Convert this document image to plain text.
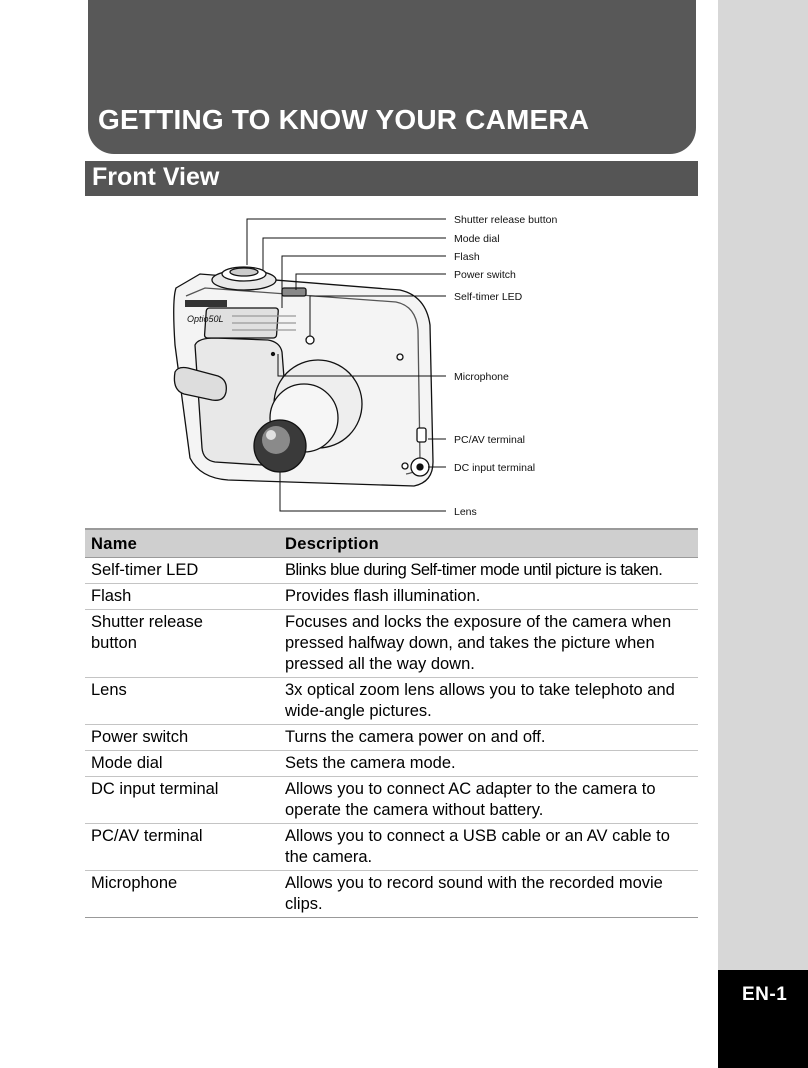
EN-1
GETTING TO KNOW YOUR CAMERA
Front View
Optio50L
Shutter release button
Mode dial
Flash
Power switch
Self-timer LED
Microphone
PC/AV terminal
DC input terminal
Lens
Name	Description
Self-timer LED	Blinks blue during Self-timer mode until picture is taken.
Flash	Provides flash illumination.
Shutter release button	Focuses and locks the exposure of the camera when pressed halfway down, and takes the picture when pressed all the way down.
Lens	3x optical zoom lens allows you to take telephoto and wide-angle pictures.
Power switch	Turns the camera power on and off.
Mode dial	Sets the camera mode.
DC input terminal	Allows you to connect AC adapter to the camera to operate the camera without battery.
PC/AV terminal	Allows you to connect a USB cable or an AV cable to the camera.
Microphone	Allows you to record sound with the recorded movie clips.
